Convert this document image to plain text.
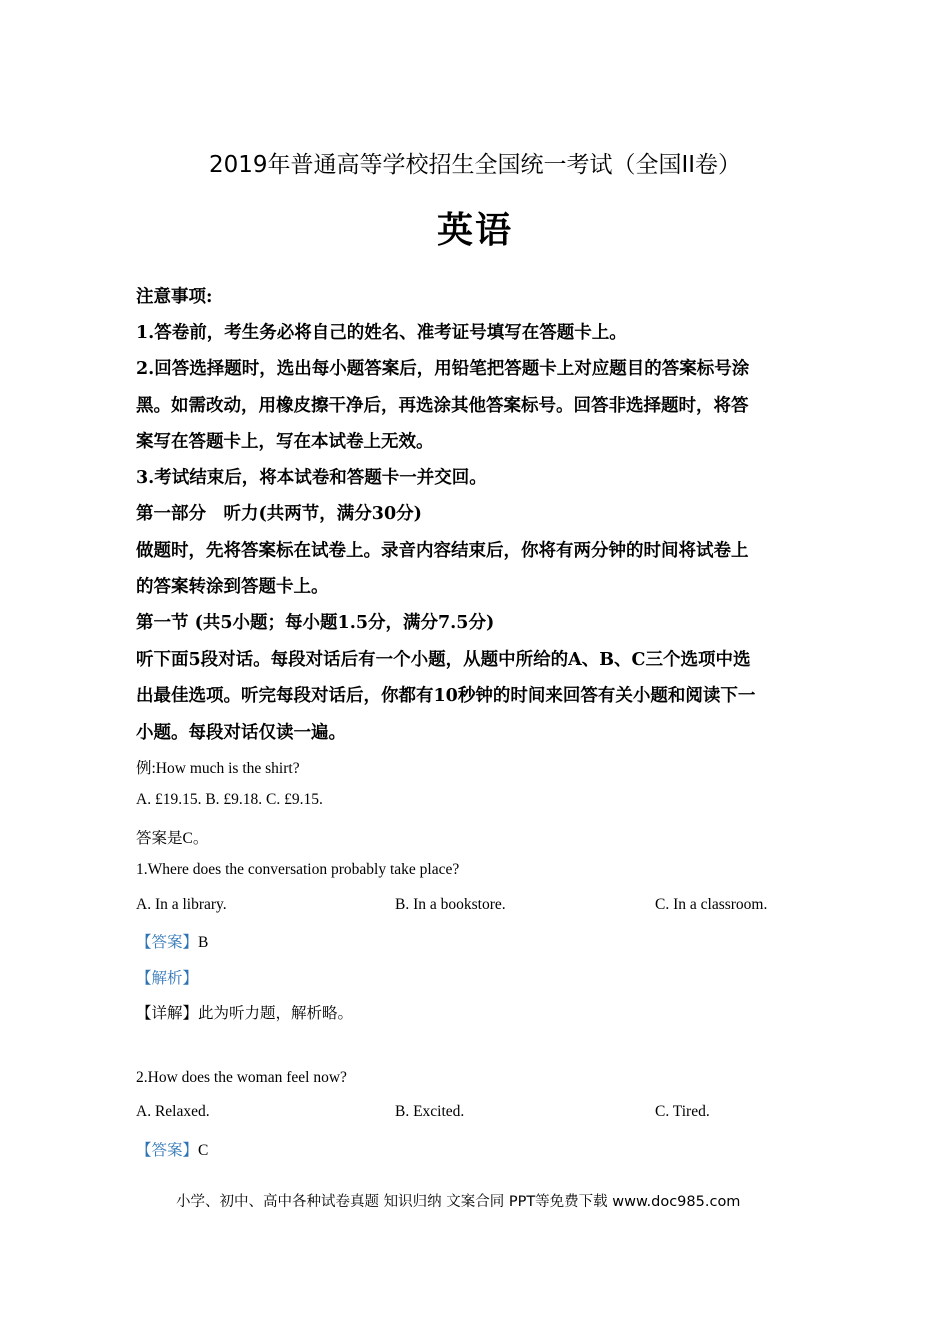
2019年普通高等学校招生全国统一考试（全国II卷）
英语
注意事项:
1.答卷前，考生务必将自己的姓名、准考证号填写在答题卡上。
2.回答选择题时，选出每小题答案后，用铅笔把答题卡上对应题目的答案标号涂
黑。如需改动，用橡皮擦干净后，再选涂其他答案标号。回答非选择题时，将答
案写在答题卡上，写在本试卷上无效。
3.考试结束后，将本试卷和答题卡一并交回。
第一部分　听力(共两节，满分30分)
做题时，先将答案标在试卷上。录音内容结束后，你将有两分钟的时间将试卷上
的答案转涂到答题卡上。
第一节 (共5小题；每小题1.5分，满分7.5分)
听下面5段对话。每段对话后有一个小题，从题中所给的A、B、C三个选项中选
出最佳选项。听完每段对话后，你都有10秒钟的时间来回答有关小题和阅读下一
小题。每段对话仅读一遍。
例:How much is the shirt?
A. £19.15. B. £9.18. C. £9.15.
答案是C。
1.Where does the conversation probably take place?
A. In a library.	B. In a bookstore.	C. In a classroom.
【答案】B
【解析】
【详解】此为听力题，解析略。
2.How does the woman feel now?
A. Relaxed.	B. Excited.	C. Tired.
【答案】C
小学、初中、高中各种试卷真题 知识归纳 文案合同 PPT等免费下载 www.doc985.com
